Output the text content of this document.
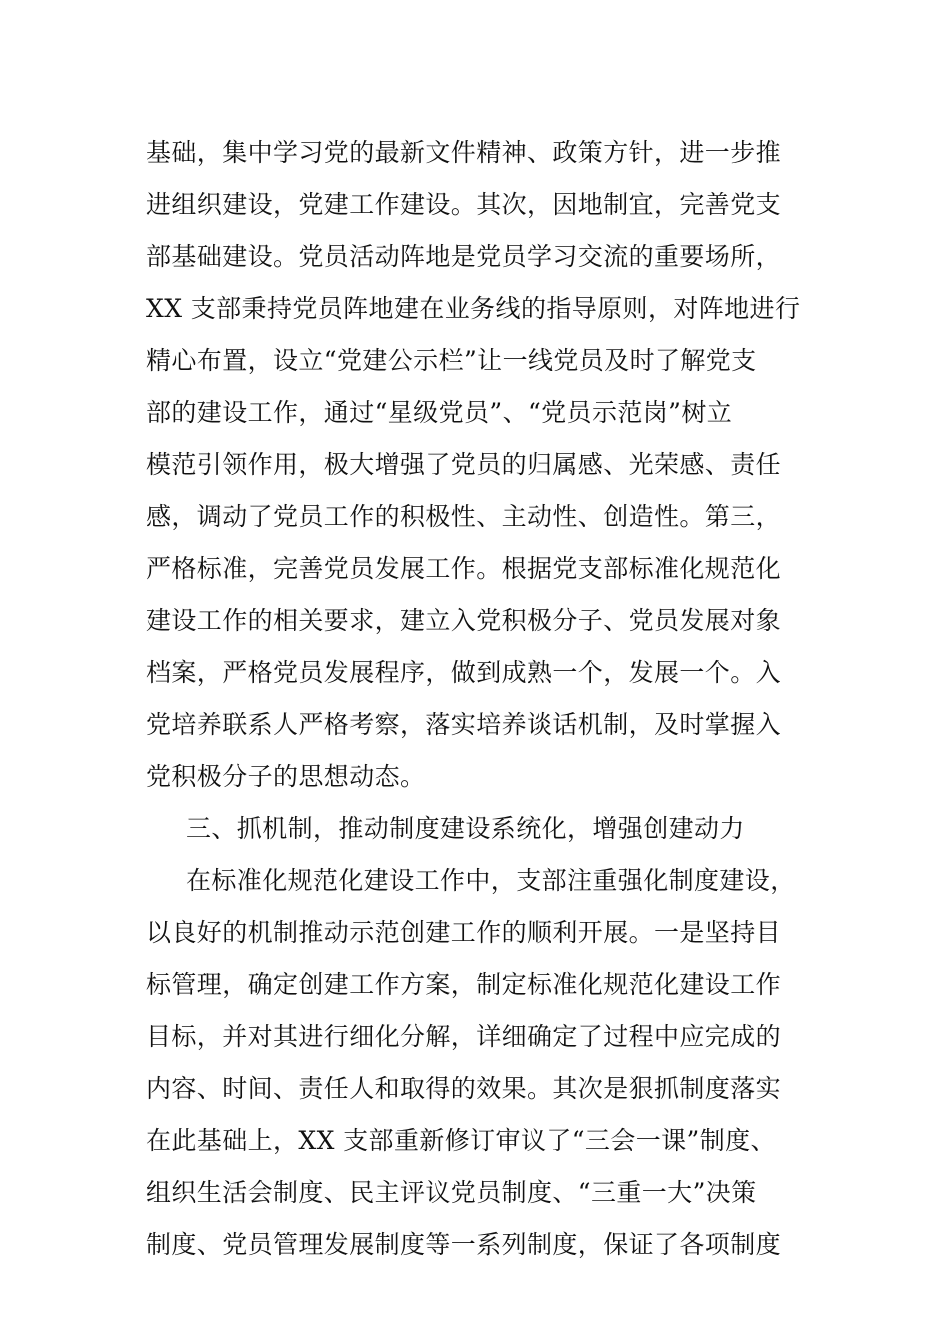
基础，集中学习党的最新文件精神、政策方针，进一步推
进组织建设，党建工作建设。其次，因地制宜，完善党支
部基础建设。党员活动阵地是党员学习交流的重要场所，
XX 支部秉持党员阵地建在业务线的指导原则，对阵地进行
精心布置，设立“党建公示栏”让一线党员及时了解党支
部的建设工作，通过“星级党员”、“党员示范岗”树立
模范引领作用，极大增强了党员的归属感、光荣感、责任
感，调动了党员工作的积极性、主动性、创造性。第三，
严格标准，完善党员发展工作。根据党支部标准化规范化
建设工作的相关要求，建立入党积极分子、党员发展对象
档案，严格党员发展程序，做到成熟一个，发展一个。入
党培养联系人严格考察，落实培养谈话机制，及时掌握入
党积极分子的思想动态。
三、抓机制，推动制度建设系统化，增强创建动力
在标准化规范化建设工作中，支部注重强化制度建设，
以良好的机制推动示范创建工作的顺利开展。一是坚持目
标管理，确定创建工作方案，制定标准化规范化建设工作
目标，并对其进行细化分解，详细确定了过程中应完成的
内容、时间、责任人和取得的效果。其次是狠抓制度落实
在此基础上，XX 支部重新修订审议了“三会一课”制度、
组织生活会制度、民主评议党员制度、“三重一大”决策
制度、党员管理发展制度等一系列制度，保证了各项制度
